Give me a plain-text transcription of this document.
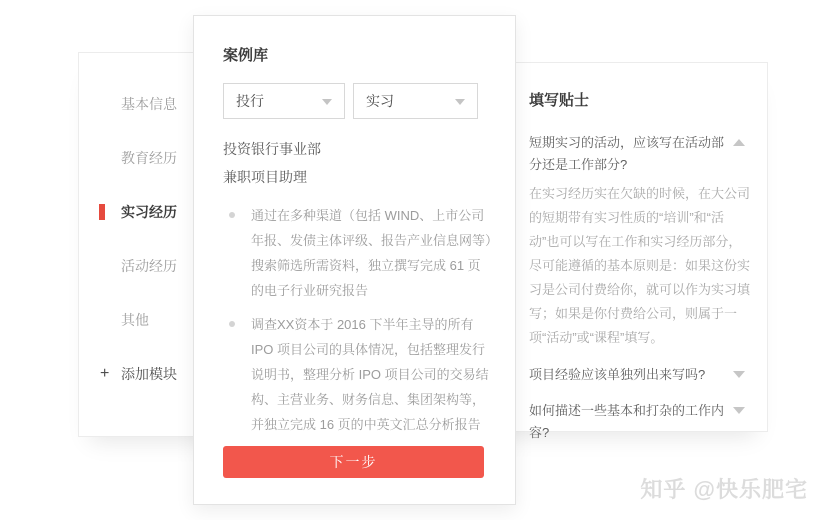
基本信息
教育经历
实习经历
活动经历
其他
+ 添加模块
填写贴士
短期实习的活动，应该写在活动部分还是工作部分?
在实习经历实在欠缺的时候，在大公司的短期带有实习性质的“培训”和“活动”也可以写在工作和实习经历部分，尽可能遵循的基本原则是：如果这份实习是公司付费给你，就可以作为实习填写；如果是你付费给公司，则属于一项“活动”或“课程”填写。
项目经验应该单独列出来写吗?
如何描述一些基本和打杂的工作内容?
案例库
投行	实习
投资银行事业部
兼职项目助理
通过在多种渠道（包括 WIND、上市公司年报、发债主体评级、报告产业信息网等）搜索筛选所需资料，独立撰写完成 61 页的电子行业研究报告
调查XX资本于 2016 下半年主导的所有 IPO 项目公司的具体情况，包括整理发行说明书，整理分析 IPO 项目公司的交易结构、主营业务、财务信息、集团架构等，并独立完成 16 页的中英文汇总分析报告
下一步
知乎 @快乐肥宅
